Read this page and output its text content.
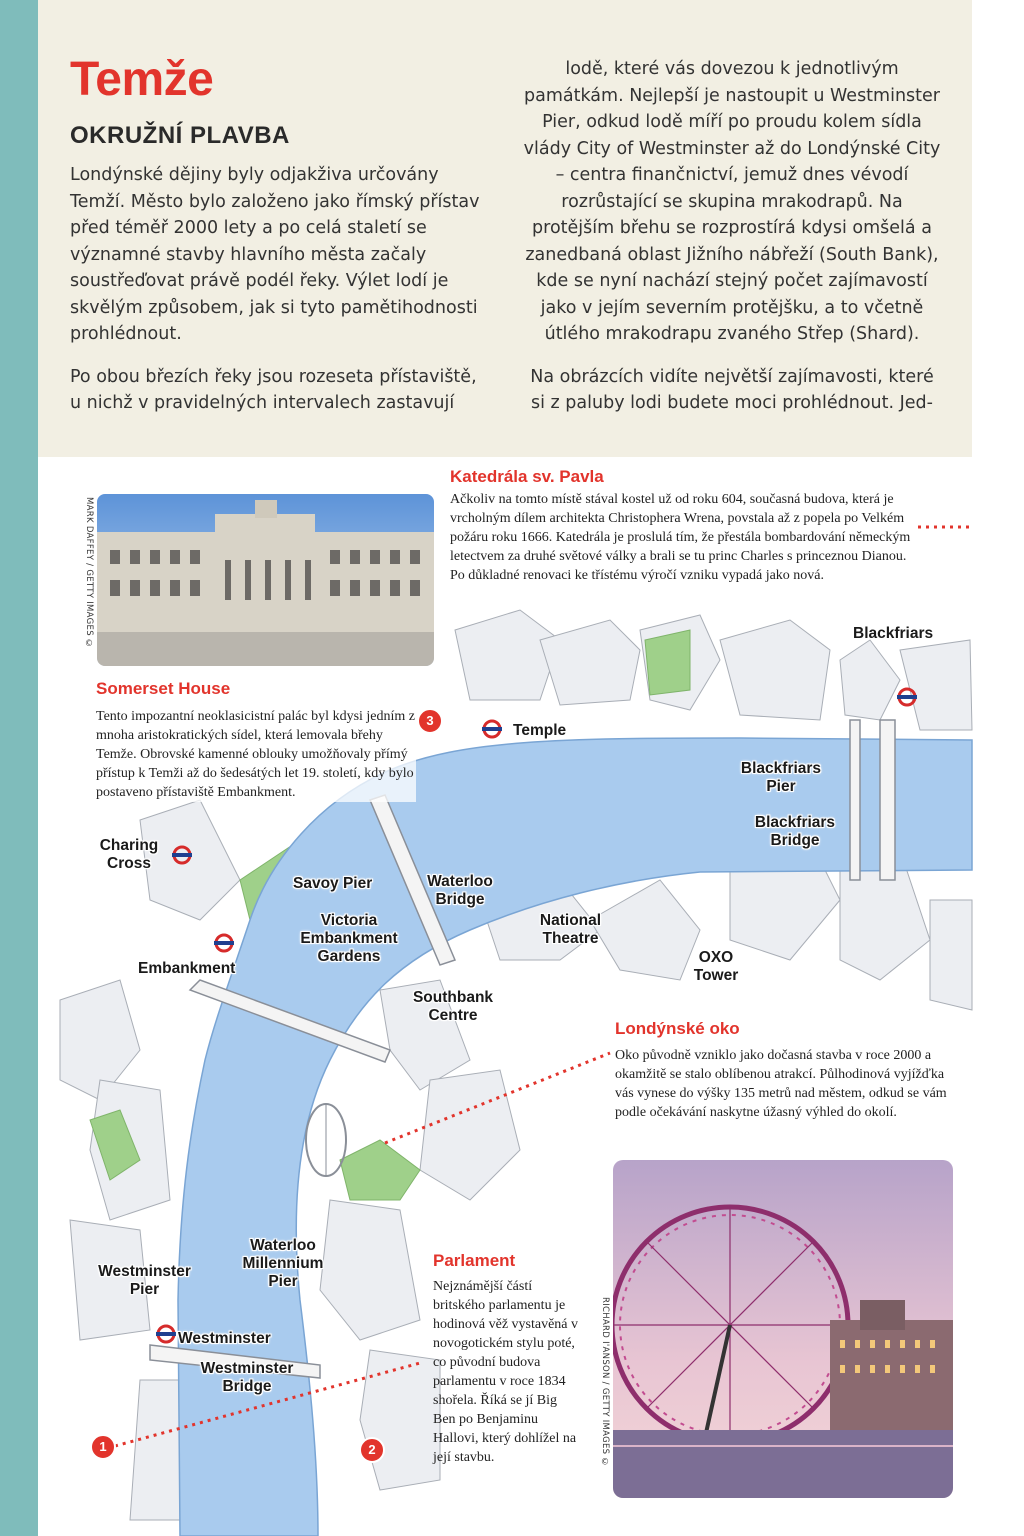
Temže
OKRUŽNÍ PLAVBA

Londýnské dějiny byly odjakživa určovány Temží. Město bylo založeno jako římský přístav před téměř 2000 lety a po celá staletí se významné stavby hlavního města začaly soustřeďovat právě podél řeky. Výlet lodí je skvělým způsobem, jak si tyto pamětihodnosti prohlédnout.

Po obou březích řeky jsou rozeseta přístaviště, u nichž v pravidelných intervalech zastavují

lodě, které vás dovezou k jednotlivým památkám. Nejlepší je nastoupit u Westminster Pier, odkud lodě míří po proudu kolem sídla vlády City of Westminster až do Londýnské City – centra finančnictví, jemuž dnes vévodí rozrůstající se skupina mrakodrapů. Na protějším břehu se rozprostírá kdysi omšelá a zanedbaná oblast Jižního nábřeží (South Bank), kde se nyní nachází stejný počet zajímavostí jako v jejím severním protějšku, a to včetně útlého mrakodrapu zvaného Střep (Shard).

Na obrázcích vidíte největší zajímavosti, které si z paluby lodi budete moci prohlédnout. Jed-

MARK DAFFEY / GETTY IMAGES ©
RICHARD I'ANSON / GETTY IMAGES ©
Katedrála sv. Pavla
Ačkoliv na tomto místě stával kostel už od roku 604, současná budova, která je vrcholným dílem architekta Christophera Wrena, povstala až z popela po Velkém požáru roku 1666. Katedrála je proslulá tím, že přestála bombardování německým letectvem za druhé světové války a brali se tu princ Charles s princeznou Dianou. Po důkladné renovaci ke třístému výročí vzniku vypadá jako nová.
Somerset House
Tento impozantní neoklasicistní palác byl kdysi jedním z mnoha aristokratických sídel, která lemovala břehy Temže. Obrovské kamenné oblouky umožňovaly přímý přístup k Temži až do šedesátých let 19. století, kdy bylo postaveno přístaviště Embankment.
Londýnské oko
Oko původně vzniklo jako dočasná stavba v roce 2000 a okamžitě se stalo oblíbenou atrakcí. Půlhodinová vyjížďka vás vynese do výšky 135 metrů nad městem, odkud se vám podle očekávání naskytne úžasný výhled do okolí.
Parlament
Nejznámější částí britského parlamentu je hodinová věž vystavěná v novogotickém stylu poté, co původní budova parlamentu v roce 1834 shořela. Říká se jí Big Ben po Benjaminu Hallovi, který dohlížel na její stavbu.
1	2
3
Blackfriars
Temple
Blackfriars Pier
Blackfriars Bridge
Charing Cross
Savoy Pier	Waterloo Bridge
Victoria Embankment Gardens
National Theatre
OXO Tower
Embankment
Southbank Centre
Waterloo Millennium Pier
Westminster Pier
Westminster
Westminster Bridge
